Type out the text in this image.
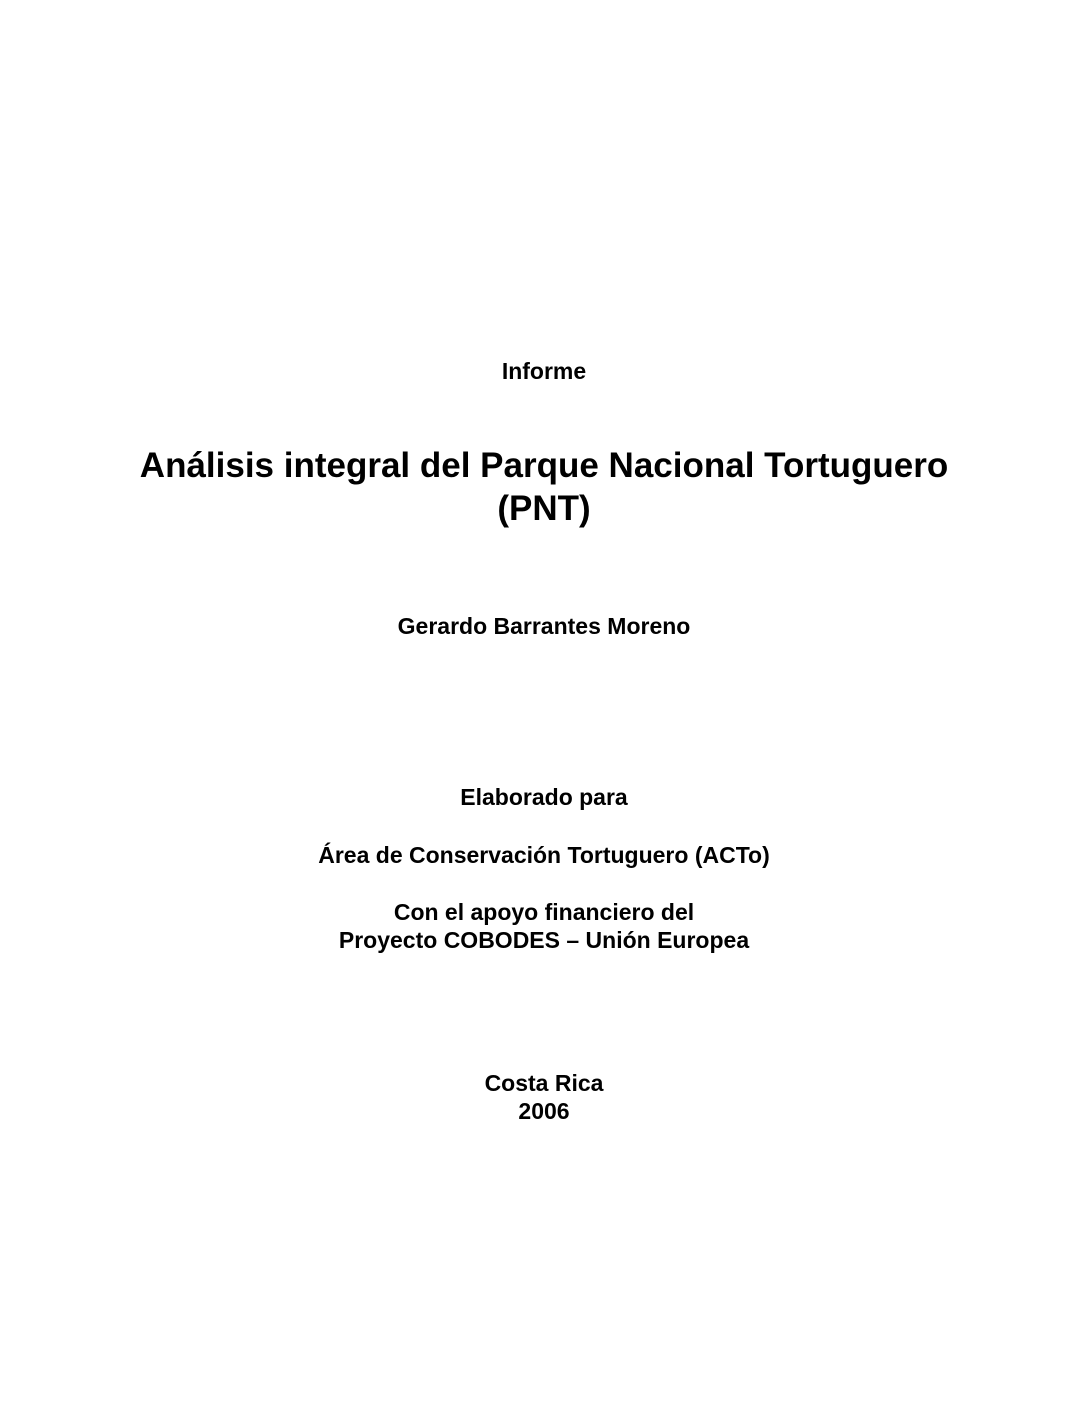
Informe
Análisis integral del Parque Nacional Tortuguero
(PNT)
Gerardo Barrantes Moreno
Elaborado para
Área de Conservación Tortuguero (ACTo)
Con el apoyo financiero del
Proyecto COBODES – Unión Europea
Costa Rica
2006
